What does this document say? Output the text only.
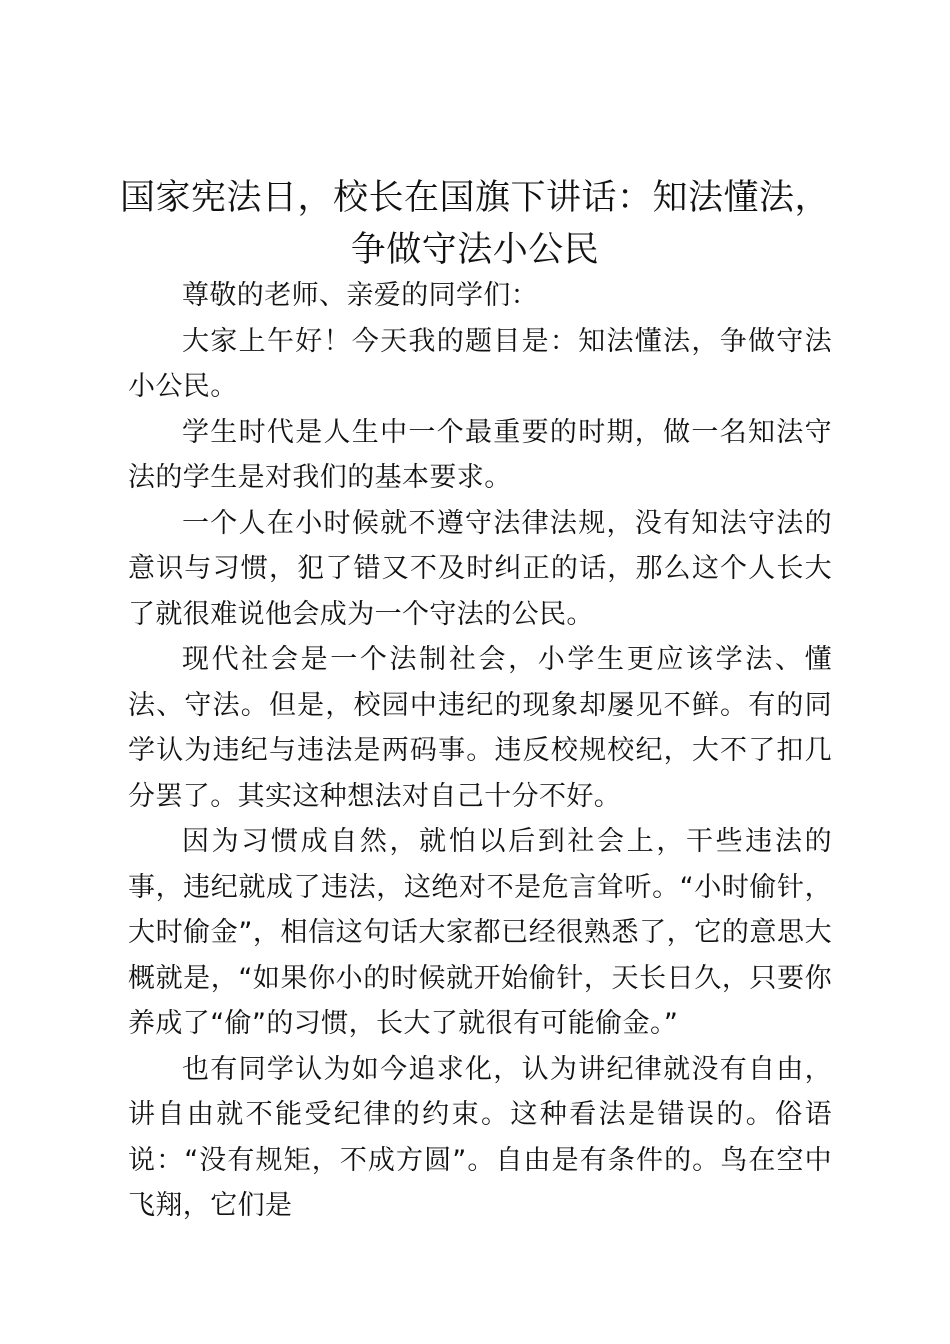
国家宪法日，校长在国旗下讲话：知法懂法，争做守法小公民

尊敬的老师、亲爱的同学们：

大家上午好！今天我的题目是：知法懂法，争做守法小公民。

学生时代是人生中一个最重要的时期，做一名知法守法的学生是对我们的基本要求。

一个人在小时候就不遵守法律法规，没有知法守法的意识与习惯，犯了错又不及时纠正的话，那么这个人长大了就很难说他会成为一个守法的公民。

现代社会是一个法制社会，小学生更应该学法、懂法、守法。但是，校园中违纪的现象却屡见不鲜。有的同学认为违纪与违法是两码事。违反校规校纪，大不了扣几分罢了。其实这种想法对自己十分不好。

因为习惯成自然，就怕以后到社会上，干些违法的事，违纪就成了违法，这绝对不是危言耸听。“小时偷针，大时偷金”，相信这句话大家都已经很熟悉了，它的意思大概就是，“如果你小的时候就开始偷针，天长日久，只要你养成了“偷”的习惯，长大了就很有可能偷金。”

也有同学认为如今追求化，认为讲纪律就没有自由，讲自由就不能受纪律的约束。这种看法是错误的。俗语说：“没有规矩，不成方圆”。自由是有条件的。鸟在空中飞翔，它们是
